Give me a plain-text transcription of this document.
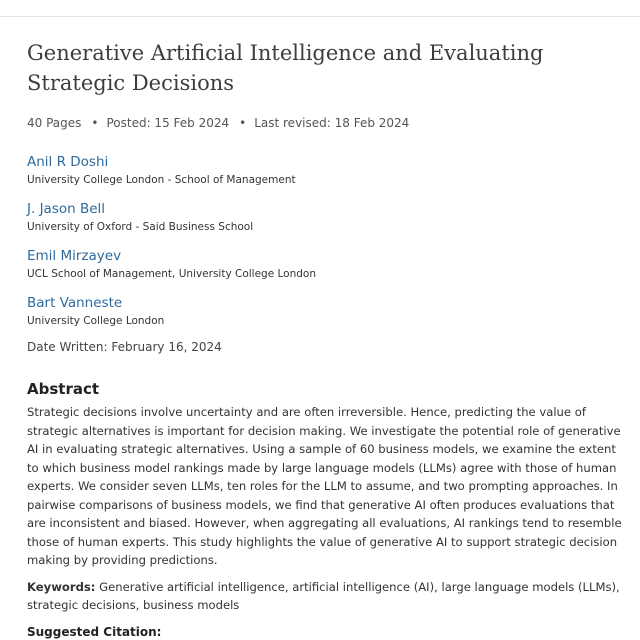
Generative Artificial Intelligence and Evaluating Strategic Decisions
40 Pages • Posted: 15 Feb 2024 • Last revised: 18 Feb 2024
Anil R Doshi
University College London - School of Management
J. Jason Bell
University of Oxford - Said Business School
Emil Mirzayev
UCL School of Management, University College London
Bart Vanneste
University College London
Date Written: February 16, 2024
Abstract

Strategic decisions involve uncertainty and are often irreversible. Hence, predicting the value of strategic alternatives is important for decision making. We investigate the potential role of generative AI in evaluating strategic alternatives. Using a sample of 60 business models, we examine the extent to which business model rankings made by large language models (LLMs) agree with those of human experts. We consider seven LLMs, ten roles for the LLM to assume, and two prompting approaches. In pairwise comparisons of business models, we find that generative AI often produces evaluations that are inconsistent and biased. However, when aggregating all evaluations, AI rankings tend to resemble those of human experts. This study highlights the value of generative AI to support strategic decision making by providing predictions.

Keywords: Generative artificial intelligence, artificial intelligence (AI), large language models (LLMs), strategic decisions, business models
Suggested Citation:
